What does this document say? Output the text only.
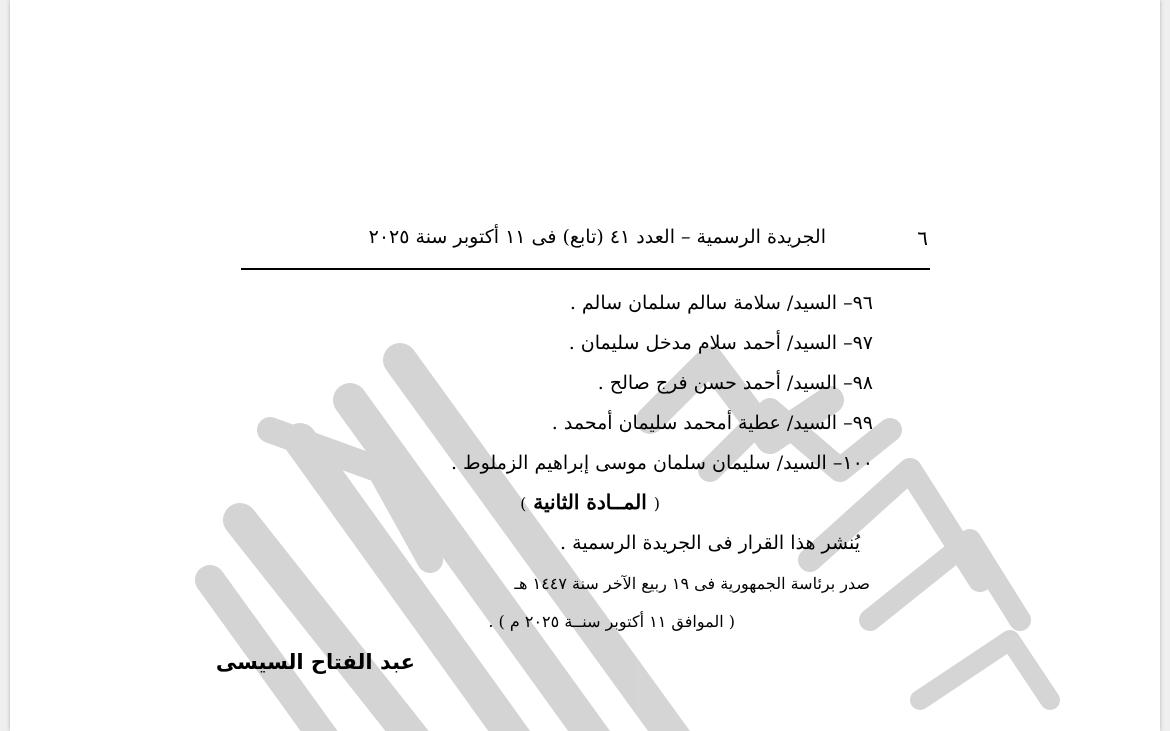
٦
الجريدة الرسمية – العدد ٤١ (تابع) فى ١١ أكتوبر سنة ٢٠٢٥
٩٦– السيد/ سلامة سالم سلمان سالم .
٩٧– السيد/ أحمد سلام مدخل سليمان .
٩٨– السيد/ أحمد حسن فرج صالح .
٩٩– السيد/ عطية أمحمد سليمان أمحمد .
١٠٠– السيد/ سليمان سلمان موسى إبراهيم الزملوط .
( المــادة الثانية )
يُنشر هذا القرار فى الجريدة الرسمية .
صدر برئاسة الجمهورية فى ١٩ ربيع الآخر سنة ١٤٤٧ هـ
( الموافق ١١ أكتوبر سنــة ٢٠٢٥ م ) .
عبد الفتاح السيسى
